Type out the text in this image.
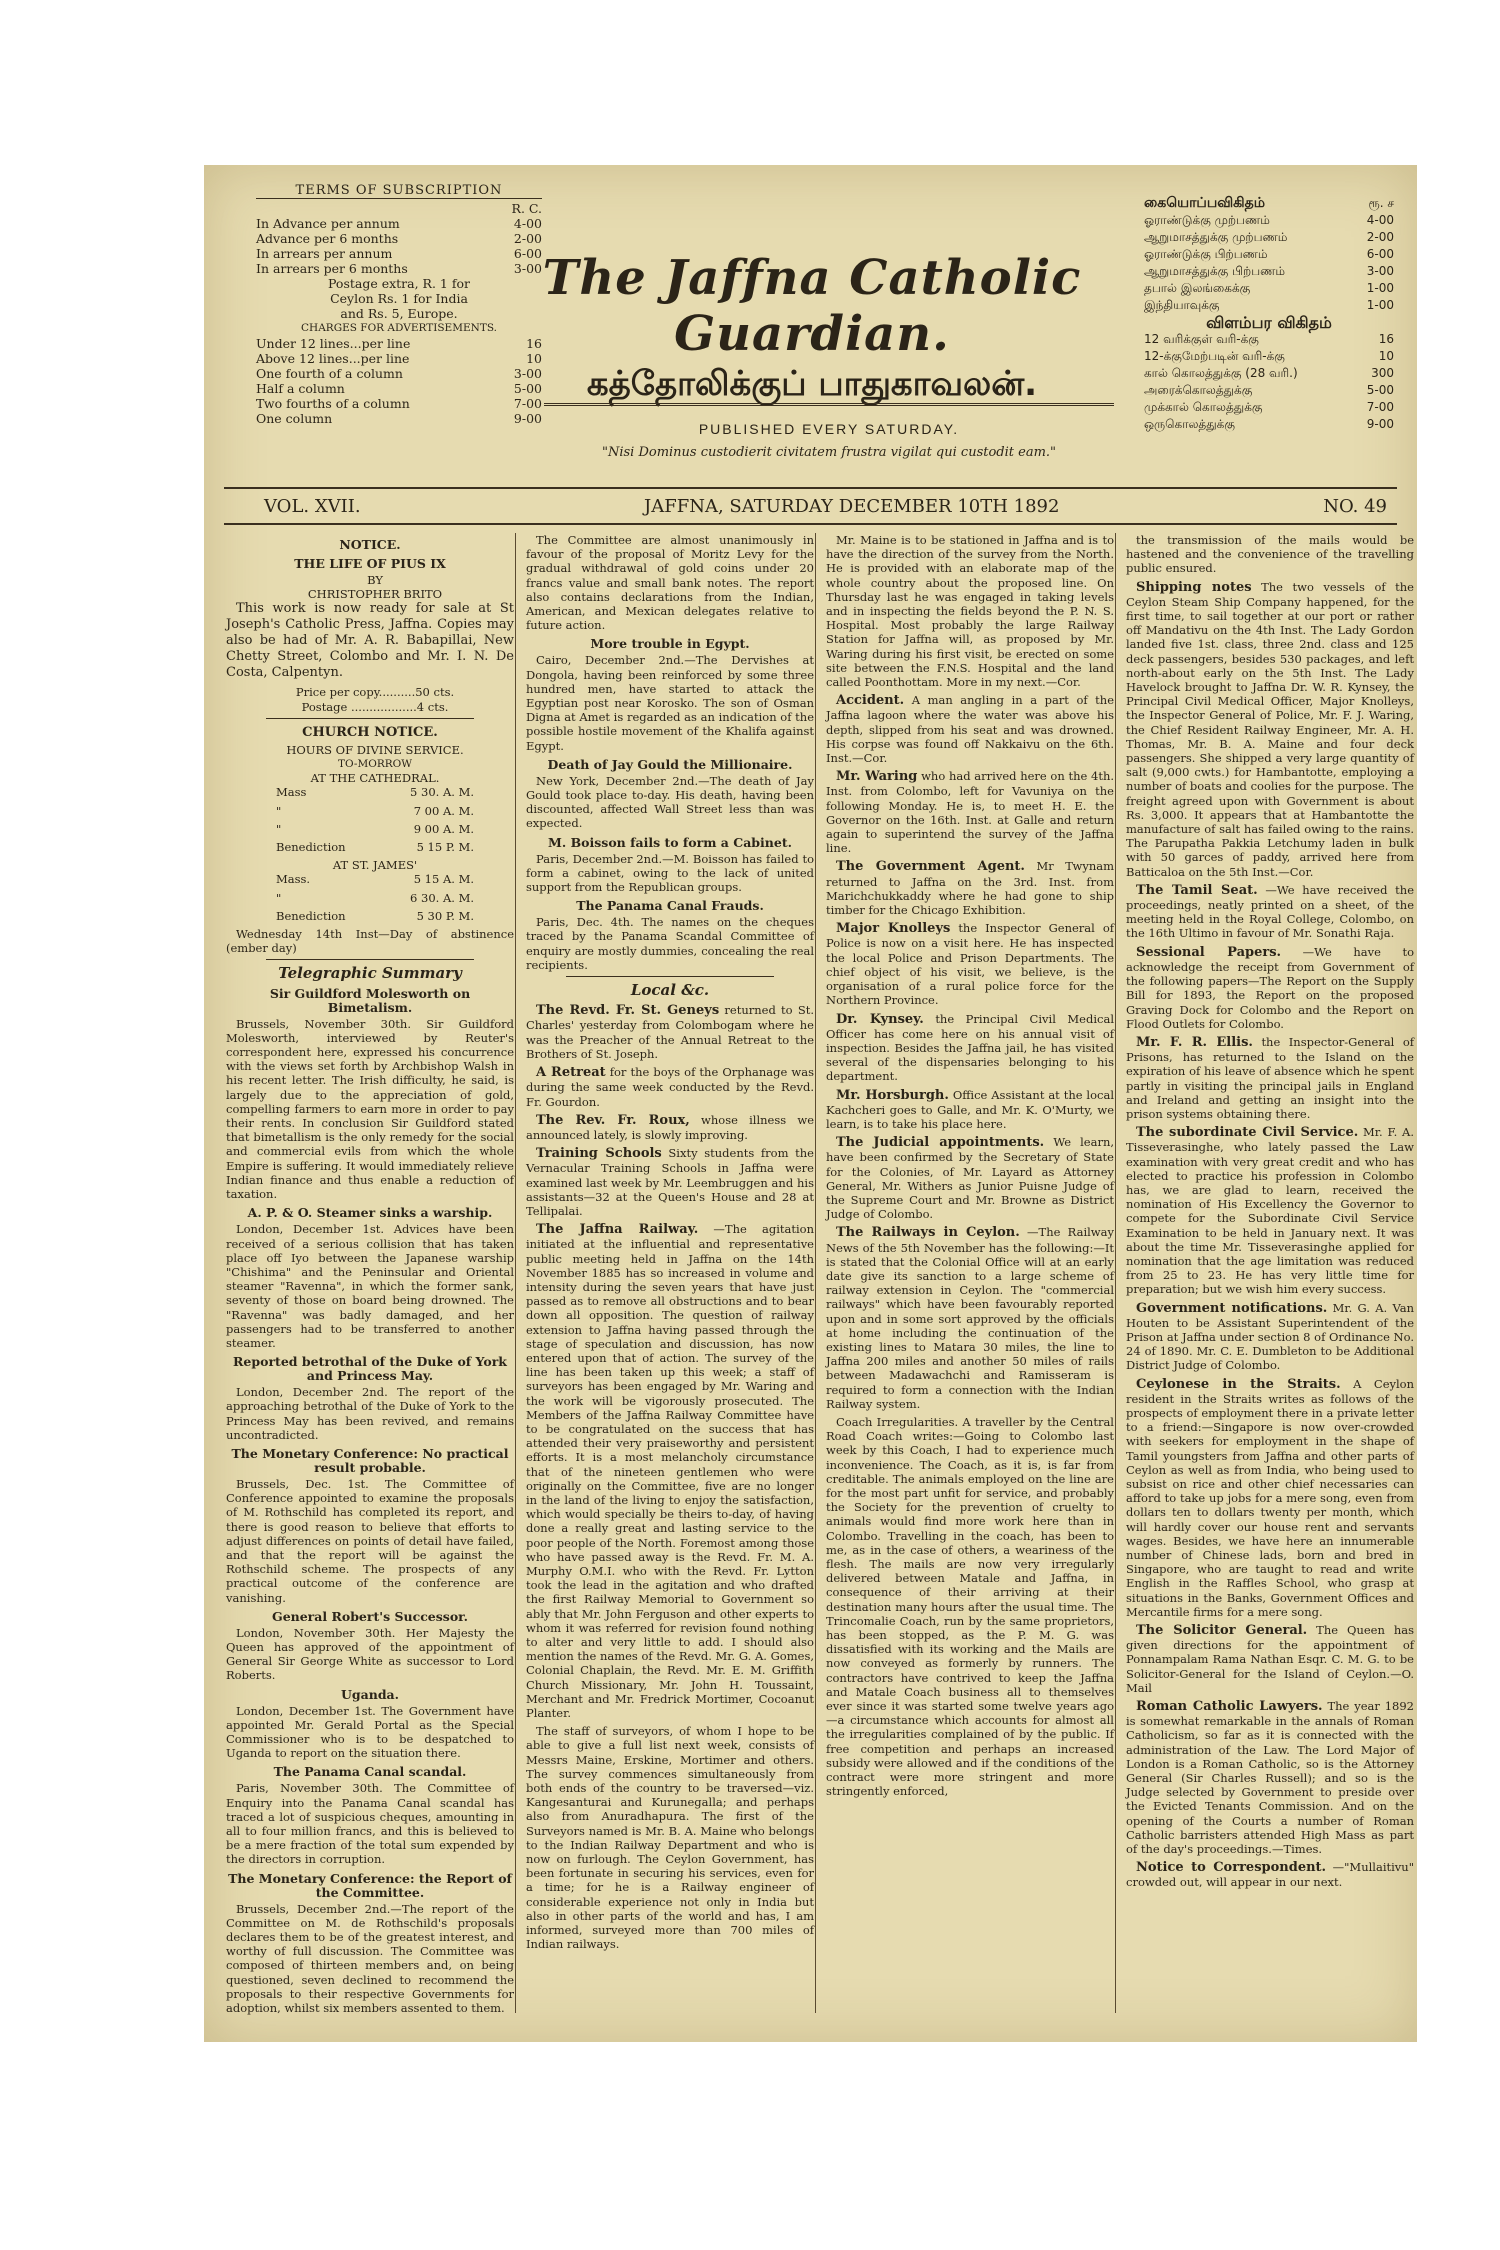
TERMS OF SUBSCRIPTION
R. C.
In Advance per annum	4-00
Advance per 6 months	2-00
In arrears per annum	6-00
In arrears per 6 months	3-00
Postage extra, R. 1 for
Ceylon Rs. 1 for India
and Rs. 5, Europe.
CHARGES FOR ADVERTISEMENTS.
Under 12 lines...per line	16
Above 12 lines...per line	10
One fourth of a column	3-00
Half a column	5-00
Two fourths of a column	7-00
One column	9-00
The Jaffna Catholic Guardian.
கத்தோலிக்குப் பாதுகாவலன்.
PUBLISHED EVERY SATURDAY.
"Nisi Dominus custodierit civitatem frustra vigilat qui custodit eam."
கையொப்பவிகிதம்	ரூ. ச
ஓராண்டுக்கு முற்பணம்	4-00
ஆறுமாசத்துக்கு முற்பணம்	2-00
ஓராண்டுக்கு பிற்பணம்	6-00
ஆறுமாசத்துக்கு பிற்பணம்	3-00
தபால் இலங்கைக்கு	1-00
இந்தியாவுக்கு	1-00
விளம்பர விகிதம்
12 வரிக்குள் வரி-க்கு	16
12-க்குமேற்படின் வரி-க்கு	10
கால் கொலத்துக்கு (28 வரி.)	300
அரைக்கொலத்துக்கு	5-00
முக்கால் கொலத்துக்கு	7-00
ஒருகொலத்துக்கு	9-00
VOL. XVII.	JAFFNA, SATURDAY DECEMBER 10TH 1892	NO. 49
NOTICE.
THE LIFE OF PIUS IX

BY

CHRISTOPHER BRITO

This work is now ready for sale at St Joseph's Catholic Press, Jaffna. Copies may also be had of Mr. A. R. Babapillai, New Chetty Street, Colombo and Mr. I. N. De Costa, Calpentyn.

Price per copy..........50 cts.

Postage ..................4 cts.

CHURCH NOTICE.

HOURS OF DIVINE SERVICE.

TO-MORROW

AT THE CATHEDRAL.

Mass	5 30. A. M.

"	7 00 A. M.

"	9 00 A. M.

Benediction	5 15 P. M.

AT ST. JAMES'

Mass.	5 15 A. M.

"	6 30. A. M.

Benediction	5 30 P. M.

Wednesday 14th Inst—Day of abstinence (ember day)

Telegraphic Summary
Sir Guildford Molesworth on Bimetalism.

Brussels, November 30th. Sir Guildford Molesworth, interviewed by Reuter's correspondent here, expressed his concurrence with the views set forth by Archbishop Walsh in his recent letter. The Irish difficulty, he said, is largely due to the appreciation of gold, compelling farmers to earn more in order to pay their rents. In conclusion Sir Guildford stated that bimetallism is the only remedy for the social and commercial evils from which the whole Empire is suffering. It would immediately relieve Indian finance and thus enable a reduction of taxation.

A. P. & O. Steamer sinks a warship.

London, December 1st. Advices have been received of a serious collision that has taken place off Iyo between the Japanese warship "Chishima" and the Peninsular and Oriental steamer "Ravenna", in which the former sank, seventy of those on board being drowned. The "Ravenna" was badly damaged, and her passengers had to be transferred to another steamer.

Reported betrothal of the Duke of York and Princess May.

London, December 2nd. The report of the approaching betrothal of the Duke of York to the Princess May has been revived, and remains uncontradicted.

The Monetary Conference: No practical result probable.

Brussels, Dec. 1st. The Committee of Conference appointed to examine the proposals of M. Rothschild has completed its report, and there is good reason to believe that efforts to adjust differences on points of detail have failed, and that the report will be against the Rothschild scheme. The prospects of any practical outcome of the conference are vanishing.

General Robert's Successor.

London, November 30th. Her Majesty the Queen has approved of the appointment of General Sir George White as successor to Lord Roberts.

Uganda.

London, December 1st. The Government have appointed Mr. Gerald Portal as the Special Commissioner who is to be despatched to Uganda to report on the situation there.

The Panama Canal scandal.

Paris, November 30th. The Committee of Enquiry into the Panama Canal scandal has traced a lot of suspicious cheques, amounting in all to four million francs, and this is believed to be a mere fraction of the total sum expended by the directors in corruption.

The Monetary Conference: the Report of the Committee.

Brussels, December 2nd.—The report of the Committee on M. de Rothschild's proposals declares them to be of the greatest interest, and worthy of full discussion. The Committee was composed of thirteen members and, on being questioned, seven declined to recommend the proposals to their respective Governments for adoption, whilst six members assented to them.

The Committee are almost unanimously in favour of the proposal of Moritz Levy for the gradual withdrawal of gold coins under 20 francs value and small bank notes. The report also contains declarations from the Indian, American, and Mexican delegates relative to future action.

More trouble in Egypt.

Cairo, December 2nd.—The Dervishes at Dongola, having been reinforced by some three hundred men, have started to attack the Egyptian post near Korosko. The son of Osman Digna at Amet is regarded as an indication of the possible hostile movement of the Khalifa against Egypt.

Death of Jay Gould the Millionaire.

New York, December 2nd.—The death of Jay Gould took place to-day. His death, having been discounted, affected Wall Street less than was expected.

M. Boisson fails to form a Cabinet.

Paris, December 2nd.—M. Boisson has failed to form a cabinet, owing to the lack of united support from the Republican groups.

The Panama Canal Frauds.

Paris, Dec. 4th. The names on the cheques traced by the Panama Scandal Committee of enquiry are mostly dummies, concealing the real recipients.

Local &c.

The Revd. Fr. St. Geneys returned to St. Charles' yesterday from Colombogam where he was the Preacher of the Annual Retreat to the Brothers of St. Joseph.

A Retreat for the boys of the Orphanage was during the same week conducted by the Revd. Fr. Gourdon.

The Rev. Fr. Roux, whose illness we announced lately, is slowly improving.

Training Schools Sixty students from the Vernacular Training Schools in Jaffna were examined last week by Mr. Leembruggen and his assistants—32 at the Queen's House and 28 at Tellipalai.

The Jaffna Railway. —The agitation initiated at the influential and representative public meeting held in Jaffna on the 14th November 1885 has so increased in volume and intensity during the seven years that have just passed as to remove all obstructions and to bear down all opposition. The question of railway extension to Jaffna having passed through the stage of speculation and discussion, has now entered upon that of action. The survey of the line has been taken up this week; a staff of surveyors has been engaged by Mr. Waring and the work will be vigorously prosecuted. The Members of the Jaffna Railway Committee have to be congratulated on the success that has attended their very praiseworthy and persistent efforts. It is a most melancholy circumstance that of the nineteen gentlemen who were originally on the Committee, five are no longer in the land of the living to enjoy the satisfaction, which would specially be theirs to-day, of having done a really great and lasting service to the poor people of the North. Foremost among those who have passed away is the Revd. Fr. M. A. Murphy O.M.I. who with the Revd. Fr. Lytton took the lead in the agitation and who drafted the first Railway Memorial to Government so ably that Mr. John Ferguson and other experts to whom it was referred for revision found nothing to alter and very little to add. I should also mention the names of the Revd. Mr. G. A. Gomes, Colonial Chaplain, the Revd. Mr. E. M. Griffith Church Missionary, Mr. John H. Toussaint, Merchant and Mr. Fredrick Mortimer, Cocoanut Planter.

The staff of surveyors, of whom I hope to be able to give a full list next week, consists of Messrs Maine, Erskine, Mortimer and others. The survey commences simultaneously from both ends of the country to be traversed—viz. Kangesanturai and Kurunegalla; and perhaps also from Anuradhapura. The first of the Surveyors named is Mr. B. A. Maine who belongs to the Indian Railway Department and who is now on furlough. The Ceylon Government, has been fortunate in securing his services, even for a time; for he is a Railway engineer of considerable experience not only in India but also in other parts of the world and has, I am informed, surveyed more than 700 miles of Indian railways.

Mr. Maine is to be stationed in Jaffna and is to have the direction of the survey from the North. He is provided with an elaborate map of the whole country about the proposed line. On Thursday last he was engaged in taking levels and in inspecting the fields beyond the P. N. S. Hospital. Most probably the large Railway Station for Jaffna will, as proposed by Mr. Waring during his first visit, be erected on some site between the F.N.S. Hospital and the land called Poonthottam. More in my next.—Cor.

Accident. A man angling in a part of the Jaffna lagoon where the water was above his depth, slipped from his seat and was drowned. His corpse was found off Nakkaivu on the 6th. Inst.—Cor.

Mr. Waring who had arrived here on the 4th. Inst. from Colombo, left for Vavuniya on the following Monday. He is, to meet H. E. the Governor on the 16th. Inst. at Galle and return again to superintend the survey of the Jaffna line.

The Government Agent. Mr Twynam returned to Jaffna on the 3rd. Inst. from Marichchukkaddy where he had gone to ship timber for the Chicago Exhibition.

Major Knolleys the Inspector General of Police is now on a visit here. He has inspected the local Police and Prison Departments. The chief object of his visit, we believe, is the organisation of a rural police force for the Northern Province.

Dr. Kynsey. the Principal Civil Medical Officer has come here on his annual visit of inspection. Besides the Jaffna jail, he has visited several of the dispensaries belonging to his department.

Mr. Horsburgh. Office Assistant at the local Kachcheri goes to Galle, and Mr. K. O'Murty, we learn, is to take his place here.

The Judicial appointments. We learn, have been confirmed by the Secretary of State for the Colonies, of Mr. Layard as Attorney General, Mr. Withers as Junior Puisne Judge of the Supreme Court and Mr. Browne as District Judge of Colombo.

The Railways in Ceylon. —The Railway News of the 5th November has the following:—It is stated that the Colonial Office will at an early date give its sanction to a large scheme of railway extension in Ceylon. The "commercial railways" which have been favourably reported upon and in some sort approved by the officials at home including the continuation of the existing lines to Matara 30 miles, the line to Jaffna 200 miles and another 50 miles of rails between Madawachchi and Ramisseram is required to form a connection with the Indian Railway system.

Coach Irregularities. A traveller by the Central Road Coach writes:—Going to Colombo last week by this Coach, I had to experience much inconvenience. The Coach, as it is, is far from creditable. The animals employed on the line are for the most part unfit for service, and probably the Society for the prevention of cruelty to animals would find more work here than in Colombo. Travelling in the coach, has been to me, as in the case of others, a weariness of the flesh. The mails are now very irregularly delivered between Matale and Jaffna, in consequence of their arriving at their destination many hours after the usual time. The Trincomalie Coach, run by the same proprietors, has been stopped, as the P. M. G. was dissatisfied with its working and the Mails are now conveyed as formerly by runners. The contractors have contrived to keep the Jaffna and Matale Coach business all to themselves ever since it was started some twelve years ago—a circumstance which accounts for almost all the irregularities complained of by the public. If free competition and perhaps an increased subsidy were allowed and if the conditions of the contract were more stringent and more stringently enforced,

the transmission of the mails would be hastened and the convenience of the travelling public ensured.

Shipping notes The two vessels of the Ceylon Steam Ship Company happened, for the first time, to sail together at our port or rather off Mandativu on the 4th Inst. The Lady Gordon landed five 1st. class, three 2nd. class and 125 deck passengers, besides 530 packages, and left north-about early on the 5th Inst. The Lady Havelock brought to Jaffna Dr. W. R. Kynsey, the Principal Civil Medical Officer, Major Knolleys, the Inspector General of Police, Mr. F. J. Waring, the Chief Resident Railway Engineer, Mr. A. H. Thomas, Mr. B. A. Maine and four deck passengers. She shipped a very large quantity of salt (9,000 cwts.) for Hambantotte, employing a number of boats and coolies for the purpose. The freight agreed upon with Government is about Rs. 3,000. It appears that at Hambantotte the manufacture of salt has failed owing to the rains. The Parupatha Pakkia Letchumy laden in bulk with 50 garces of paddy, arrived here from Batticaloa on the 5th Inst.—Cor.

The Tamil Seat. —We have received the proceedings, neatly printed on a sheet, of the meeting held in the Royal College, Colombo, on the 16th Ultimo in favour of Mr. Sonathi Raja.

Sessional Papers. —We have to acknowledge the receipt from Government of the following papers—The Report on the Supply Bill for 1893, the Report on the proposed Graving Dock for Colombo and the Report on Flood Outlets for Colombo.

Mr. F. R. Ellis. the Inspector-General of Prisons, has returned to the Island on the expiration of his leave of absence which he spent partly in visiting the principal jails in England and Ireland and getting an insight into the prison systems obtaining there.

The subordinate Civil Service. Mr. F. A. Tisseverasinghe, who lately passed the Law examination with very great credit and who has elected to practice his profession in Colombo has, we are glad to learn, received the nomination of His Excellency the Governor to compete for the Subordinate Civil Service Examination to be held in January next. It was about the time Mr. Tisseverasinghe applied for nomination that the age limitation was reduced from 25 to 23. He has very little time for preparation; but we wish him every success.

Government notifications. Mr. G. A. Van Houten to be Assistant Superintendent of the Prison at Jaffna under section 8 of Ordinance No. 24 of 1890. Mr. C. E. Dumbleton to be Additional District Judge of Colombo.

Ceylonese in the Straits. A Ceylon resident in the Straits writes as follows of the prospects of employment there in a private letter to a friend:—Singapore is now over-crowded with seekers for employment in the shape of Tamil youngsters from Jaffna and other parts of Ceylon as well as from India, who being used to subsist on rice and other chief necessaries can afford to take up jobs for a mere song, even from dollars ten to dollars twenty per month, which will hardly cover our house rent and servants wages. Besides, we have here an innumerable number of Chinese lads, born and bred in Singapore, who are taught to read and write English in the Raffles School, who grasp at situations in the Banks, Government Offices and Mercantile firms for a mere song.

The Solicitor General. The Queen has given directions for the appointment of Ponnampalam Rama Nathan Esqr. C. M. G. to be Solicitor-General for the Island of Ceylon.—O. Mail

Roman Catholic Lawyers. The year 1892 is somewhat remarkable in the annals of Roman Catholicism, so far as it is connected with the administration of the Law. The Lord Major of London is a Roman Catholic, so is the Attorney General (Sir Charles Russell); and so is the Judge selected by Government to preside over the Evicted Tenants Commission. And on the opening of the Courts a number of Roman Catholic barristers attended High Mass as part of the day's proceedings.—Times.

Notice to Correspondent. —"Mullaitivu" crowded out, will appear in our next.
